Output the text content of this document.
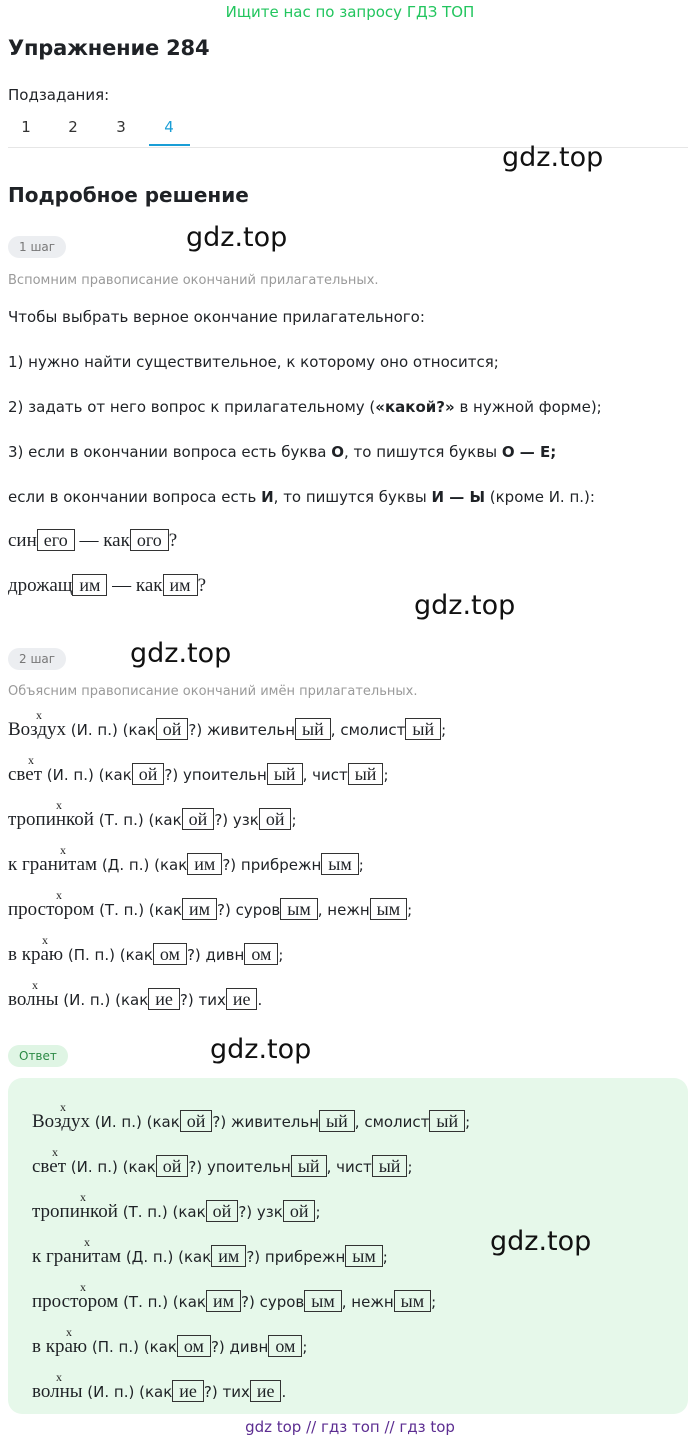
Ищите нас по запросу ГДЗ ТОП
Упражнение 284
Подзадания:
1	2	3	4
gdz.top
Подробное решение
1 шаг	gdz.top
Вспомним правописание окончаний прилагательных.
Чтобы выбрать верное окончание прилагательного:
1) нужно найти существительное, к которому оно относится;
2) задать от него вопрос к прилагательному («какой?» в нужной форме);
3) если в окончании вопроса есть буква О, то пишутся буквы О — Е;
если в окончании вопроса есть И, то пишутся буквы И — Ы (кроме И. п.):
син его — как ого ?
дрожащ им — как им ?
gdz.top
2 шаг	gdz.top
Объясним правописание окончаний имён прилагательных.
Воздух (И. п.) (как ой ?) живительн ый , смолист ый ;
х
свет (И. п.) (как ой ?) упоительн ый , чист ый ;
х
тропинкой (Т. п.) (как ой ?) узк ой ;
х
к гранитам (Д. п.) (как им ?) прибрежн ым ;
х
простором (Т. п.) (как им ?) суров ым , нежн ым ;
х
в краю (П. п.) (как ом ?) дивн ом ;
х
волны (И. п.) (как ие ?) тих ие .
х
Ответ	gdz.top
Воздух (И. п.) (как ой ?) живительн ый , смолист ый ;
х
свет (И. п.) (как ой ?) упоительн ый , чист ый ;
х
тропинкой (Т. п.) (как ой ?) узк ой ;
х
к гранитам (Д. п.) (как им ?) прибрежн ым ;
х
простором (Т. п.) (как им ?) суров ым , нежн ым ;
х
в краю (П. п.) (как ом ?) дивн ом ;
х
волны (И. п.) (как ие ?) тих ие .
х
gdz.top
gdz top // гдз топ // гдз top
